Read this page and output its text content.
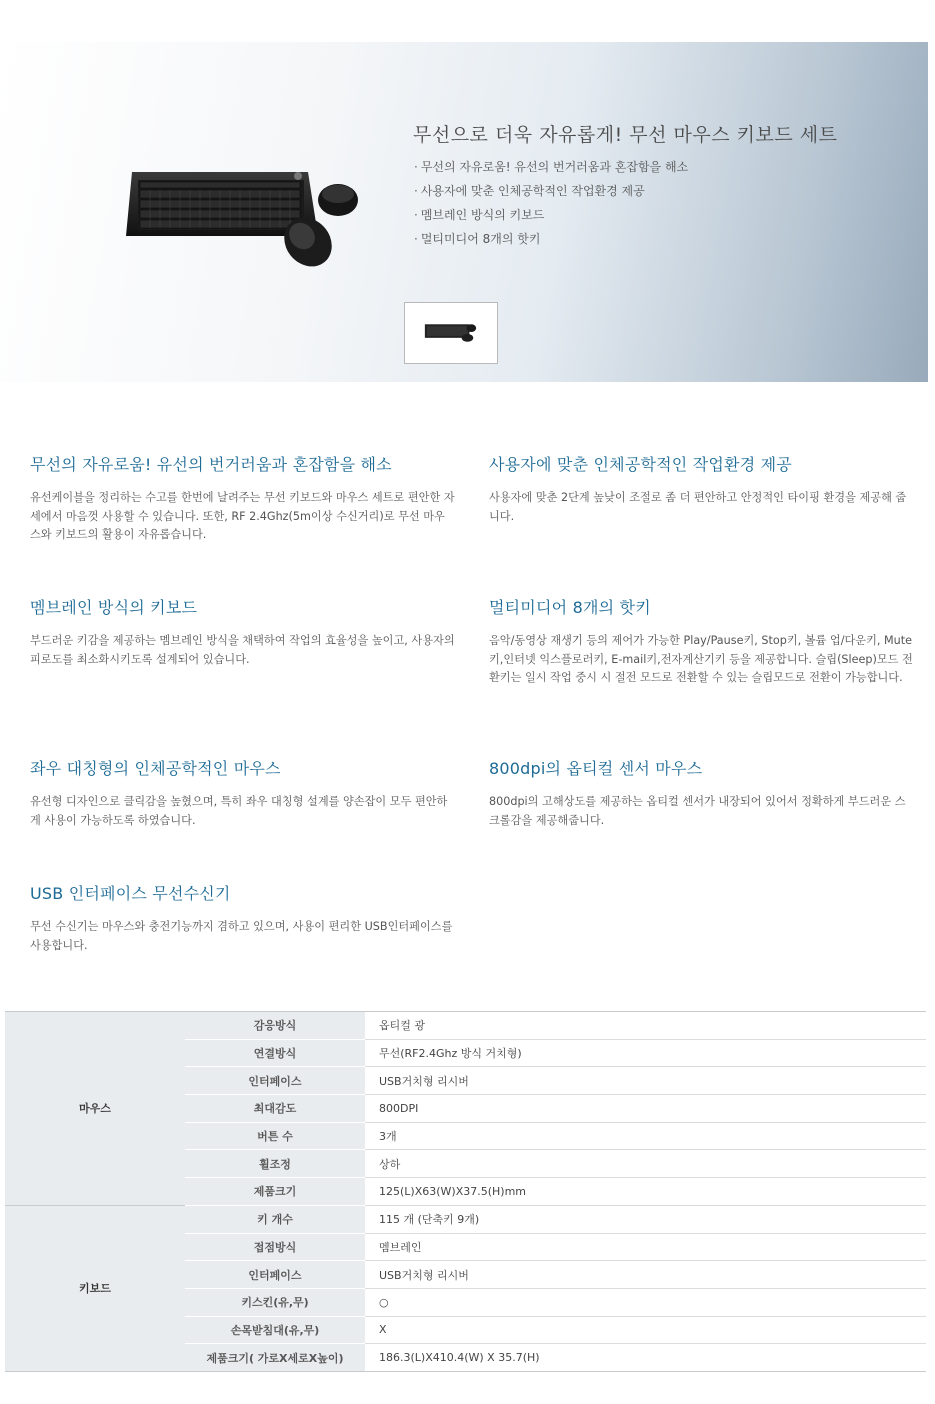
무선으로 더욱 자유롭게! 무선 마우스 키보드 세트
· 무선의 자유로움! 유선의 번거러움과 혼잡함을 해소
· 사용자에 맞춘 인체공학적인 작업환경 제공
· 멤브레인 방식의 키보드
· 멀티미디어 8개의 핫키
무선의 자유로움! 유선의 번거러움과 혼잡함을 해소

유선케이블을 정리하는 수고를 한번에 날려주는 무선 키보드와 마우스 세트로 편안한 자세에서 마음껏 사용할 수 있습니다. 또한, RF 2.4Ghz(5m이상 수신거리)로 무선 마우스와 키보드의 활용이 자유롭습니다.

사용자에 맞춘 인체공학적인 작업환경 제공

사용자에 맞춘 2단계 높낮이 조절로 좀 더 편안하고 안정적인 타이핑 환경을 제공해 줍니다.

멤브레인 방식의 키보드

부드러운 키감을 제공하는 멤브레인 방식을 채택하여 작업의 효율성을 높이고, 사용자의 피로도를 최소화시키도록 설계되어 있습니다.

멀티미디어 8개의 핫키

음악/동영상 재생기 등의 제어가 가능한 Play/Pause키, Stop키, 볼륨 업/다운키, Mute키,인터넷 익스플로러키, E-mail키,전자계산기키 등을 제공합니다. 슬립(Sleep)모드 전환키는 일시 작업 중시 시 절전 모드로 전환할 수 있는 슬립모드로 전환이 가능합니다.

좌우 대칭형의 인체공학적인 마우스

유선형 디자인으로 클릭감을 높혔으며, 특히 좌우 대칭형 설계를 양손잡이 모두 편안하게 사용이 가능하도록 하였습니다.

800dpi의 옵티컬 센서 마우스

800dpi의 고해상도를 제공하는 옵티컬 센서가 내장되어 있어서 정확하게 부드러운 스크롤감을 제공해줍니다.

USB 인터페이스 무선수신기

무선 수신기는 마우스와 충전기능까지 겸하고 있으며, 사용이 편리한 USB인터페이스를 사용합니다.

마우스	감응방식	옵티컬 광
	연결방식	무선(RF2.4Ghz 방식 거치형)
	인터페이스	USB거치형 리시버
	최대감도	800DPI
	버튼 수	3개
	휠조정	상하
	제품크기	125(L)X63(W)X37.5(H)mm
키보드	키 개수	115 개 (단축키 9개)
	접점방식	멤브레인
	인터페이스	USB거치형 리시버
	키스킨(유,무)	○
	손목받침대(유,무)	X
	제품크기( 가로X세로X높이)	186.3(L)X410.4(W) X 35.7(H)
